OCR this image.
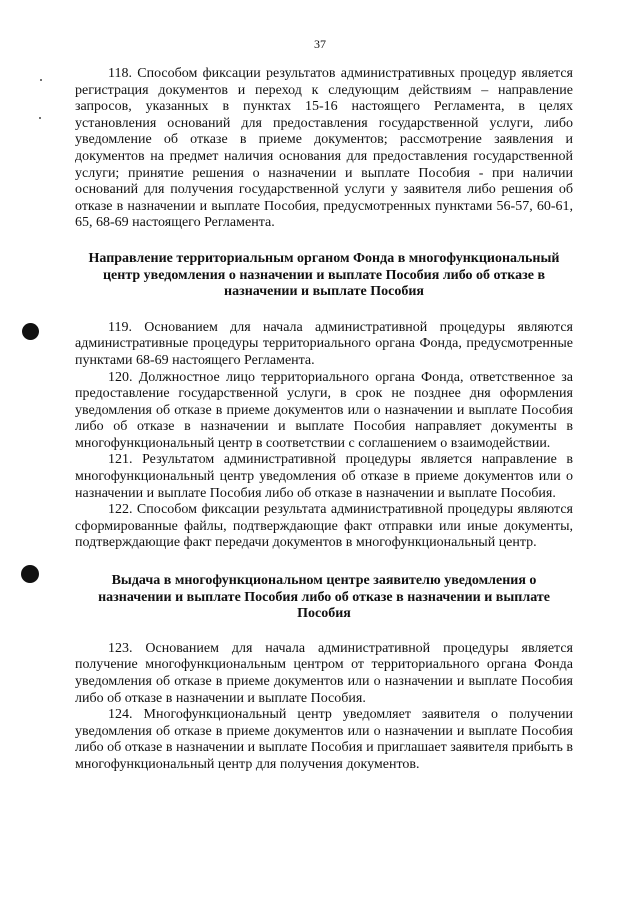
37

118. Способом фиксации результатов административных процедур является регистрация документов и переход к следующим действиям – направление запросов, указанных в пунктах 15-16 настоящего Регламента, в целях установления оснований для предоставления государственной услуги, либо уведомление об отказе в приеме документов; рассмотрение заявления и документов на предмет наличия основания для предоставления государственной услуги; принятие решения о назначении и выплате Пособия - при наличии оснований для получения государственной услуги у заявителя либо решения об отказе в назначении и выплате Пособия, предусмотренных пунктами 56-57, 60-61, 65, 68-69 настоящего Регламента.

Направление территориальным органом Фонда в многофункциональный центр уведомления о назначении и выплате Пособия либо об отказе в назначении и выплате Пособия

119. Основанием для начала административной процедуры являются административные процедуры территориального органа Фонда, предусмотренные пунктами 68-69 настоящего Регламента.

120. Должностное лицо территориального органа Фонда, ответственное за предоставление государственной услуги, в срок не позднее дня оформления уведомления об отказе в приеме документов или о назначении и выплате Пособия либо об отказе в назначении и выплате Пособия направляет документы в многофункциональный центр в соответствии с соглашением о взаимодействии.

121. Результатом административной процедуры является направление в многофункциональный центр уведомления об отказе в приеме документов или о назначении и выплате Пособия либо об отказе в назначении и выплате Пособия.

122. Способом фиксации результата административной процедуры являются сформированные файлы, подтверждающие факт отправки или иные документы, подтверждающие факт передачи документов в многофункциональный центр.

Выдача в многофункциональном центре заявителю уведомления о назначении и выплате Пособия либо об отказе в назначении и выплате Пособия

123. Основанием для начала административной процедуры является получение многофункциональным центром от территориального органа Фонда уведомления об отказе в приеме документов или о назначении и выплате Пособия либо об отказе в назначении и выплате Пособия.

124. Многофункциональный центр уведомляет заявителя о получении уведомления об отказе в приеме документов или о назначении и выплате Пособия либо об отказе в назначении и выплате Пособия и приглашает заявителя прибыть в многофункциональный центр для получения документов.
